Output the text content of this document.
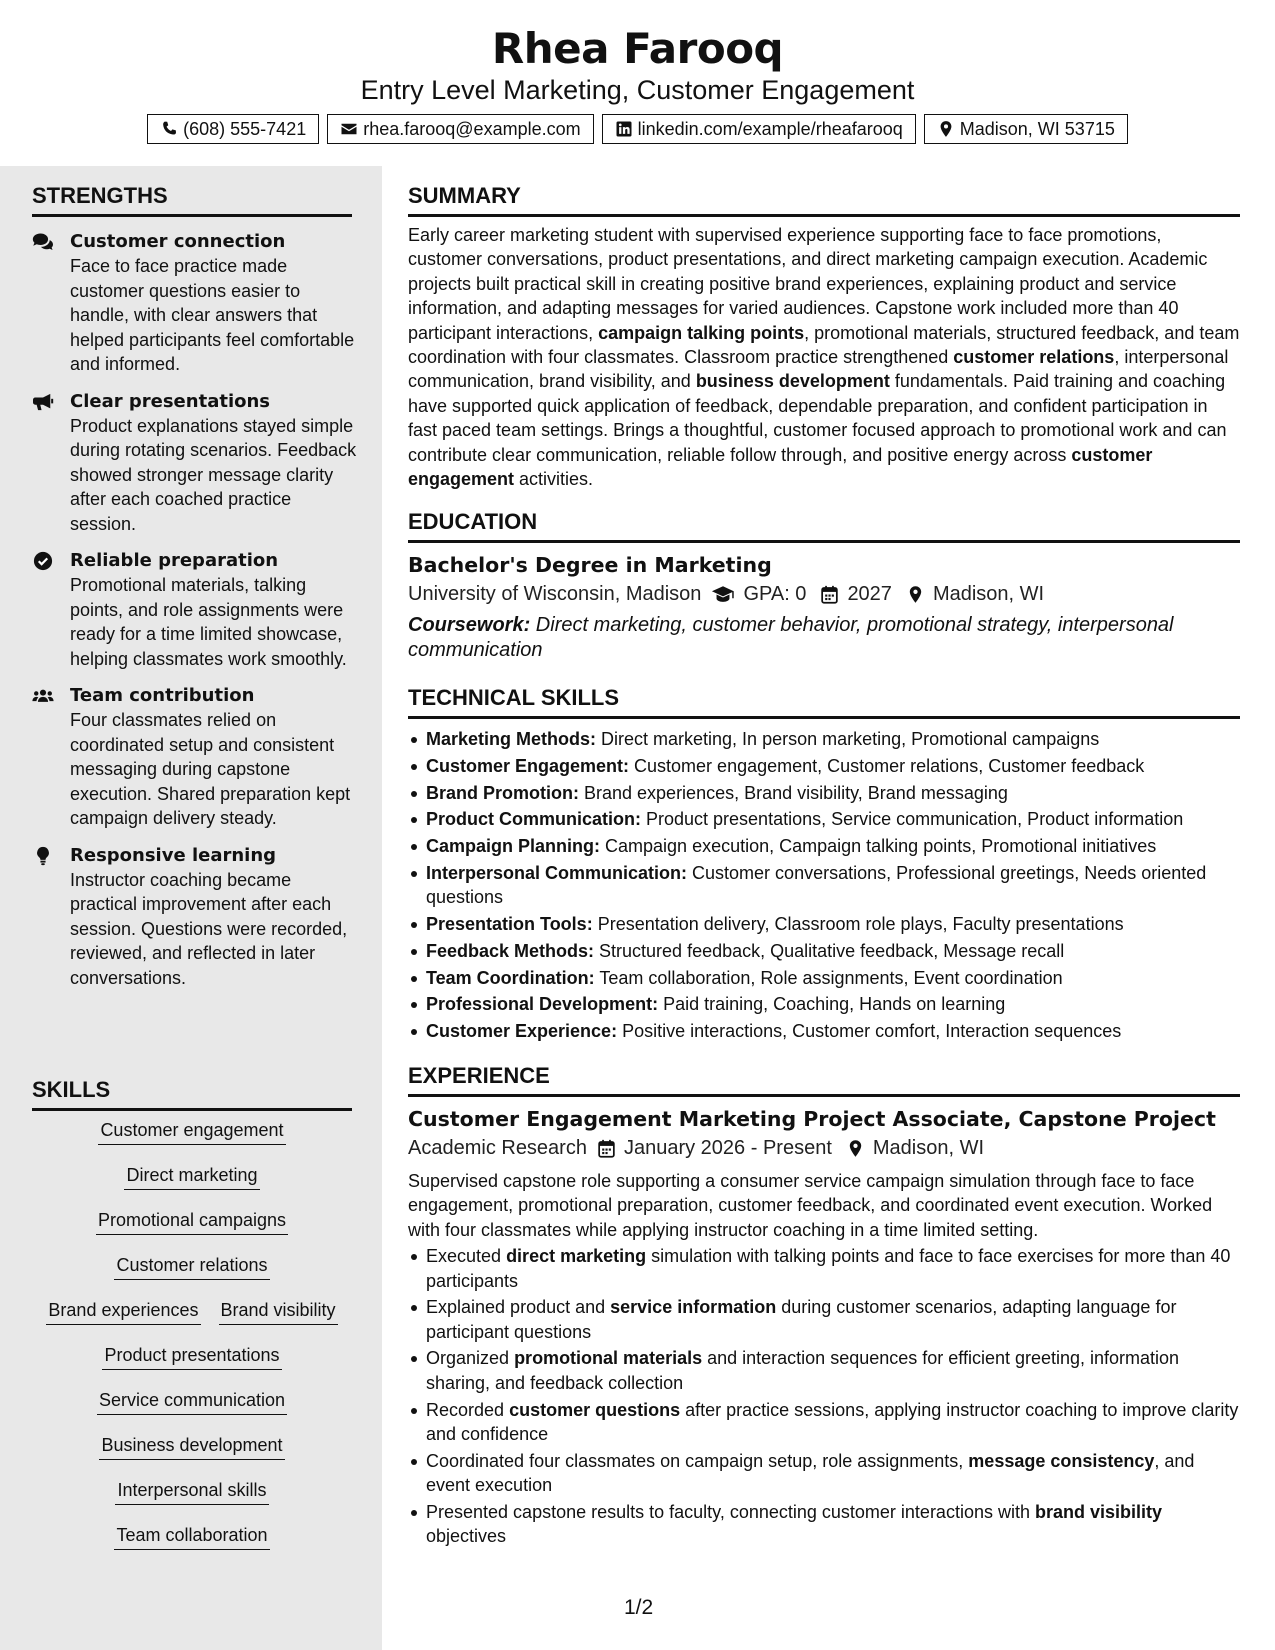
Rhea Farooq
Entry Level Marketing, Customer Engagement
(608) 555-7421	rhea.farooq@example.com	linkedin.com/example/rheafarooq	Madison, WI 53715
STRENGTHS
Customer connection
Face to face practice made customer questions easier to handle, with clear answers that helped participants feel comfortable and informed.
Clear presentations
Product explanations stayed simple during rotating scenarios. Feedback showed stronger message clarity after each coached practice session.
Reliable preparation
Promotional materials, talking points, and role assignments were ready for a time limited showcase, helping classmates work smoothly.
Team contribution
Four classmates relied on coordinated setup and consistent messaging during capstone execution. Shared preparation kept campaign delivery steady.
Responsive learning
Instructor coaching became practical improvement after each session. Questions were recorded, reviewed, and reflected in later conversations.
SKILLS
Customer engagement
Direct marketing
Promotional campaigns
Customer relations
Brand experiences Brand visibility
Product presentations
Service communication
Business development
Interpersonal skills
Team collaboration
SUMMARY
Early career marketing student with supervised experience supporting face to face promotions, customer conversations, product presentations, and direct marketing campaign execution. Academic projects built practical skill in creating positive brand experiences, explaining product and service information, and adapting messages for varied audiences. Capstone work included more than 40 participant interactions, campaign talking points, promotional materials, structured feedback, and team coordination with four classmates. Classroom practice strengthened customer relations, interpersonal communication, brand visibility, and business development fundamentals. Paid training and coaching have supported quick application of feedback, dependable preparation, and confident participation in fast paced team settings. Brings a thoughtful, customer focused approach to promotional work and can contribute clear communication, reliable follow through, and positive energy across customer engagement activities.
EDUCATION
Bachelor's Degree in Marketing
University of Wisconsin, Madison GPA: 0 2027 Madison, WI
Coursework: Direct marketing, customer behavior, promotional strategy, interpersonal communication
TECHNICAL SKILLS
Marketing Methods: Direct marketing, In person marketing, Promotional campaigns
Customer Engagement: Customer engagement, Customer relations, Customer feedback
Brand Promotion: Brand experiences, Brand visibility, Brand messaging
Product Communication: Product presentations, Service communication, Product information
Campaign Planning: Campaign execution, Campaign talking points, Promotional initiatives
Interpersonal Communication: Customer conversations, Professional greetings, Needs oriented questions
Presentation Tools: Presentation delivery, Classroom role plays, Faculty presentations
Feedback Methods: Structured feedback, Qualitative feedback, Message recall
Team Coordination: Team collaboration, Role assignments, Event coordination
Professional Development: Paid training, Coaching, Hands on learning
Customer Experience: Positive interactions, Customer comfort, Interaction sequences
EXPERIENCE
Customer Engagement Marketing Project Associate, Capstone Project
Academic Research January 2026 - Present Madison, WI
Supervised capstone role supporting a consumer service campaign simulation through face to face engagement, promotional preparation, customer feedback, and coordinated event execution. Worked with four classmates while applying instructor coaching in a time limited setting.
Executed direct marketing simulation with talking points and face to face exercises for more than 40 participants
Explained product and service information during customer scenarios, adapting language for participant questions
Organized promotional materials and interaction sequences for efficient greeting, information sharing, and feedback collection
Recorded customer questions after practice sessions, applying instructor coaching to improve clarity and confidence
Coordinated four classmates on campaign setup, role assignments, message consistency, and event execution
Presented capstone results to faculty, connecting customer interactions with brand visibility objectives
1/2
